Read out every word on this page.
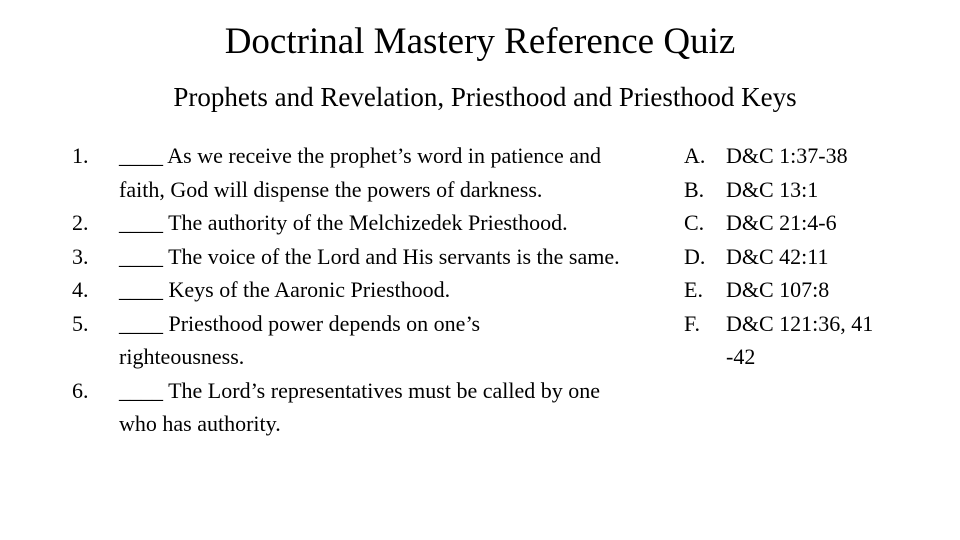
Doctrinal Mastery Reference Quiz
Prophets and Revelation, Priesthood and Priesthood Keys
1.	____ As we receive the prophet’s word in patience and faith, God will dispense the powers of darkness.
2.	____ The authority of the Melchizedek Priesthood.
3.	____ The voice of the Lord and His servants is the same.
4.	____ Keys of the Aaronic Priesthood.
5.	____ Priesthood power depends on one’s righteousness.
6.	____ The Lord’s representatives must be called by one who has authority.
A. D&C 1:37-38
B. D&C 13:1
C. D&C 21:4-6
D. D&C 42:11
E.	D&C 107:8
F.	D&C 121:36, 41 -42
